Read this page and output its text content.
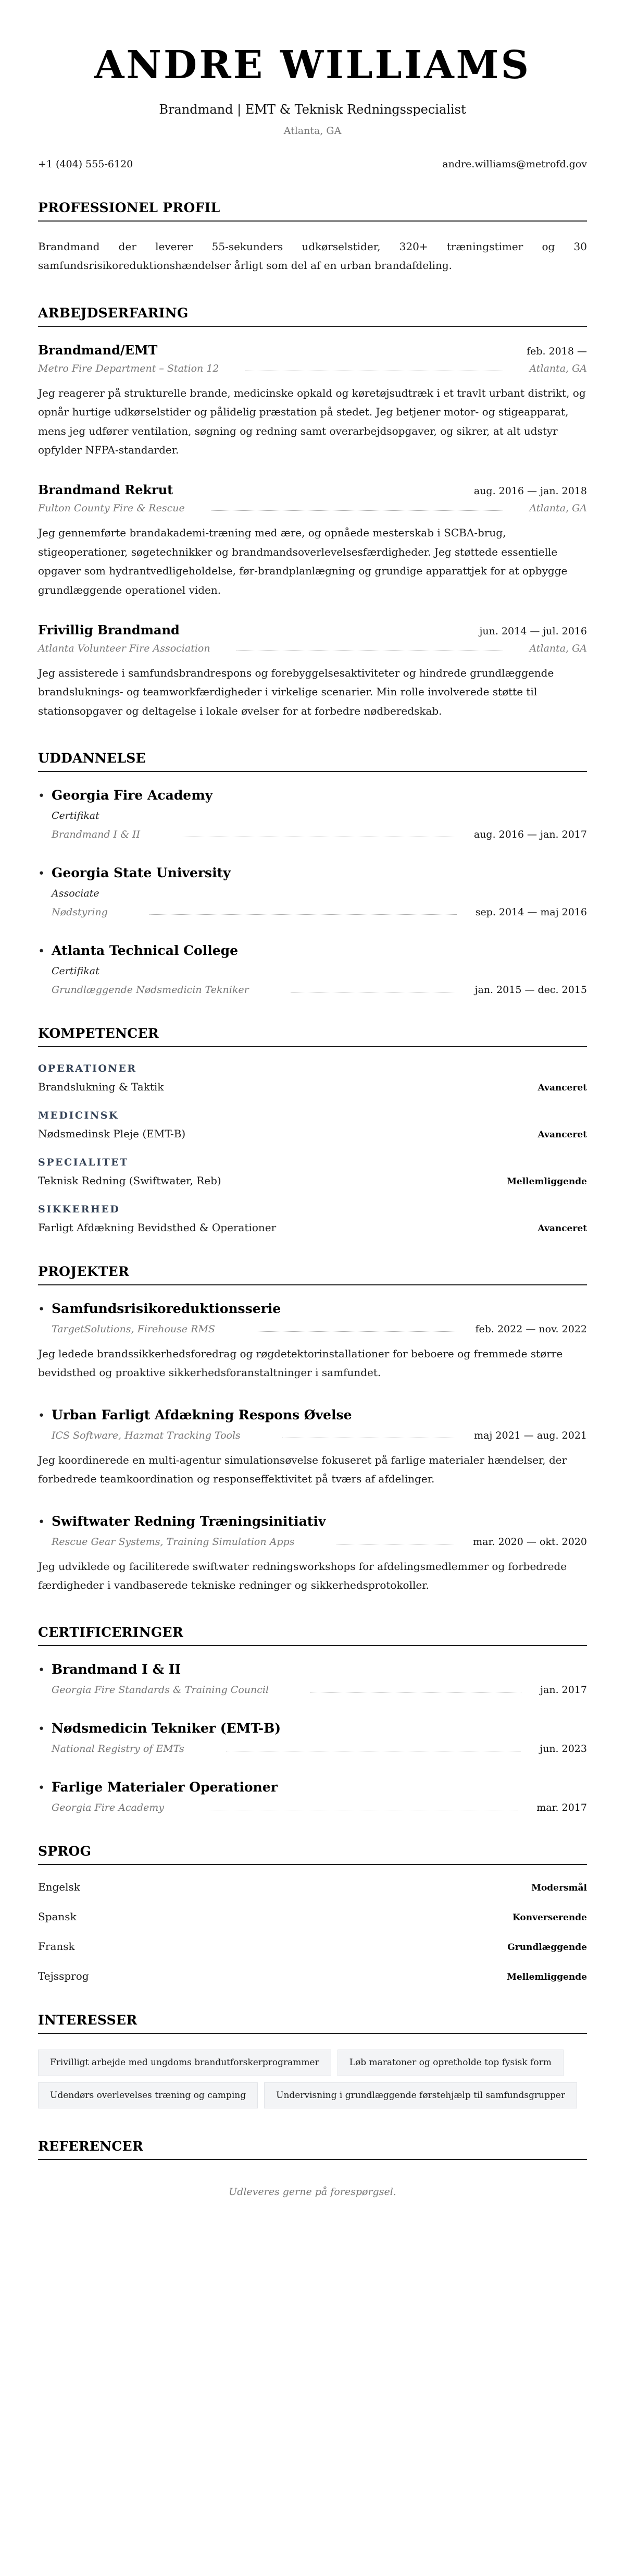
ANDRE WILLIAMS
Brandmand | EMT & Teknisk Redningsspecialist
Atlanta, GA
+1 (404) 555-6120	andre.williams@metrofd.gov
PROFESSIONEL PROFIL

Brandmand der leverer 55-sekunders udkørselstider, 320+ træningstimer og 30 samfundsrisikoreduktionshændelser årligt som del af en urban brandafdeling.

ARBEJDSERFARING
Brandmand/EMT	feb. 2018 —
Metro Fire Department – Station 12	Atlanta, GA

Jeg reagerer på strukturelle brande, medicinske opkald og køretøjsudtræk i et travlt urbant distrikt, og opnår hurtige udkørselstider og pålidelig præstation på stedet. Jeg betjener motor- og stigeapparat, mens jeg udfører ventilation, søgning og redning samt overarbejdsopgaver, og sikrer, at alt udstyr opfylder NFPA-standarder.

Brandmand Rekrut	aug. 2016 — jan. 2018
Fulton County Fire & Rescue	Atlanta, GA

Jeg gennemførte brandakademi-træning med ære, og opnåede mesterskab i SCBA-brug, stigeoperationer, søgetechnikker og brandmandsoverlevelsesfærdigheder. Jeg støttede essentielle opgaver som hydrantvedligeholdelse, før-brandplanlægning og grundige apparattjek for at opbygge grundlæggende operationel viden.

Frivillig Brandmand	jun. 2014 — jul. 2016
Atlanta Volunteer Fire Association	Atlanta, GA

Jeg assisterede i samfundsbrandrespons og forebyggelsesaktiviteter og hindrede grundlæggende brandsluknings- og teamworkfærdigheder i virkelige scenarier. Min rolle involverede støtte til stationsopgaver og deltagelse i lokale øvelser for at forbedre nødberedskab.

UDDANNELSE
• Georgia Fire Academy
Certifikat
Brandmand I & II	aug. 2016 — jan. 2017
• Georgia State University
Associate
Nødstyring	sep. 2014 — maj 2016
• Atlanta Technical College
Certifikat
Grundlæggende Nødsmedicin Tekniker	jan. 2015 — dec. 2015
KOMPETENCER
OPERATIONER
Brandslukning & Taktik	Avanceret
MEDICINSK
Nødsmedinsk Pleje (EMT-B)	Avanceret
SPECIALITET
Teknisk Redning (Swiftwater, Reb)	Mellemliggende
SIKKERHED
Farligt Afdækning Bevidsthed & Operationer	Avanceret
PROJEKTER
• Samfundsrisikoreduktionsserie
TargetSolutions, Firehouse RMS	feb. 2022 — nov. 2022

Jeg ledede brandssikkerhedsforedrag og røgdetektorinstallationer for beboere og fremmede større bevidsthed og proaktive sikkerhedsforanstaltninger i samfundet.

• Urban Farligt Afdækning Respons Øvelse
ICS Software, Hazmat Tracking Tools	maj 2021 — aug. 2021

Jeg koordinerede en multi-agentur simulationsøvelse fokuseret på farlige materialer hændelser, der forbedrede teamkoordination og responseffektivitet på tværs af afdelinger.

• Swiftwater Redning Træningsinitiativ
Rescue Gear Systems, Training Simulation Apps	mar. 2020 — okt. 2020

Jeg udviklede og faciliterede swiftwater redningsworkshops for afdelingsmedlemmer og forbedrede færdigheder i vandbaserede tekniske redninger og sikkerhedsprotokoller.

CERTIFICERINGER
• Brandmand I & II
Georgia Fire Standards & Training Council	jan. 2017
• Nødsmedicin Tekniker (EMT-B)
National Registry of EMTs	jun. 2023
• Farlige Materialer Operationer
Georgia Fire Academy	mar. 2017
SPROG
Engelsk	Modersmål
Spansk	Konverserende
Fransk	Grundlæggende
Tejssprog	Mellemliggende
INTERESSER
Frivilligt arbejde med ungdoms brandutforskerprogrammer	Løb maratoner og opretholde top fysisk form
Udendørs overlevelses træning og camping	Undervisning i grundlæggende førstehjælp til samfundsgrupper
REFERENCER

Udleveres gerne på forespørgsel.
